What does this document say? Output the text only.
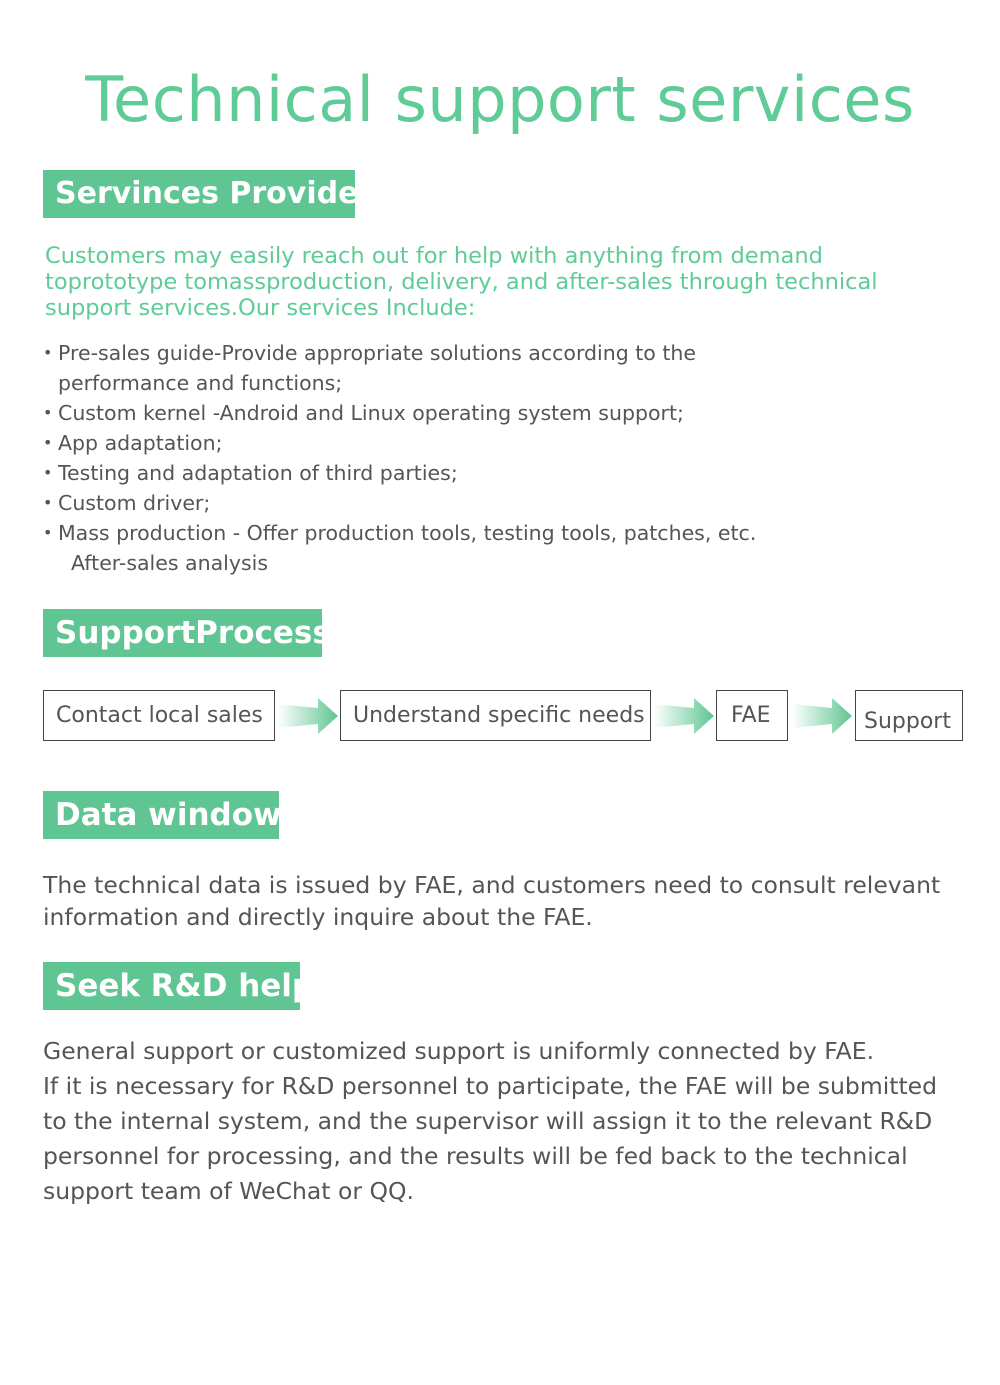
Technical support services
Servinces Provided

Customers may easily reach out for help with anything from demand toprototype tomassproduction, delivery, and after-sales through technical support services.Our services Include:

• Pre-sales guide-Provide appropriate solutions according to the
performance and functions;
• Custom kernel -Android and Linux operating system support;
• App adaptation;
• Testing and adaptation of third parties;
• Custom driver;
• Mass production - Offer production tools, testing tools, patches, etc.
After-sales analysis
SupportProcess
Contact local sales	Understand specific needs	FAE	Support
Data window

The technical data is issued by FAE, and customers need to consult relevant information and directly inquire about the FAE.

Seek R&D help
General support or customized support is uniformly connected by FAE.
If it is necessary for R&D personnel to participate, the FAE will be submitted
to the internal system, and the supervisor will assign it to the relevant R&D
personnel for processing, and the results will be fed back to the technical
support team of WeChat or QQ.
